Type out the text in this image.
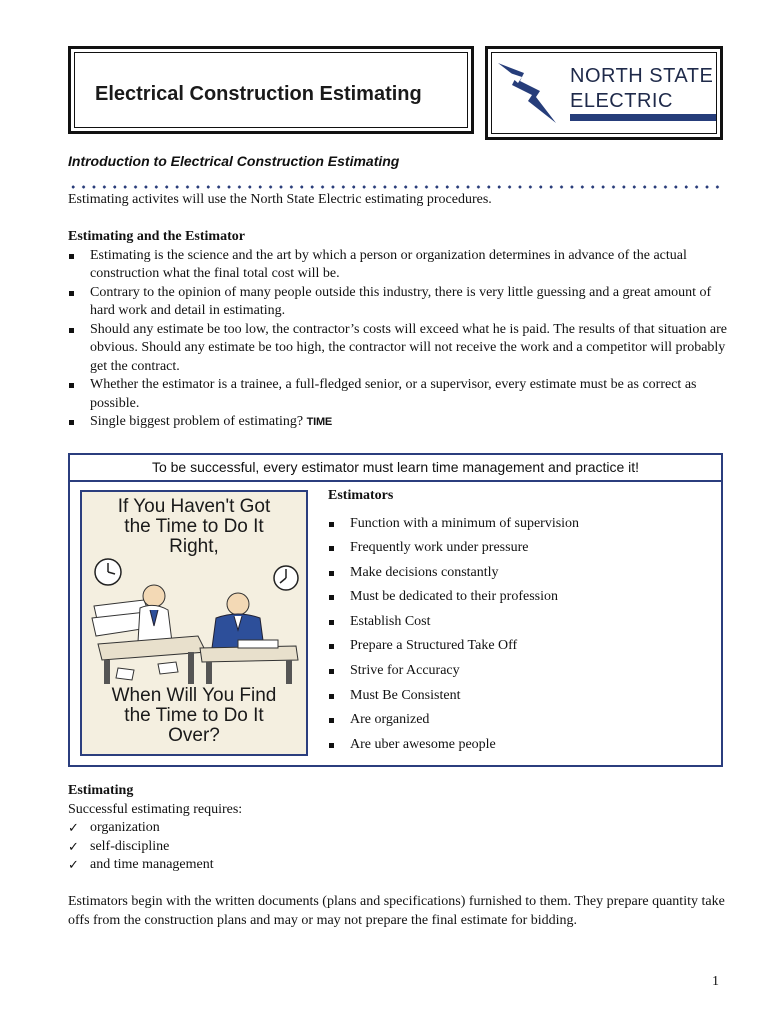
Electrical Construction Estimating
NORTH STATE
ELECTRIC
Introduction to Electrical Construction Estimating
Estimating activites will use the North State Electric estimating procedures.
Estimating and the Estimator
Estimating is the science and the art by which a person or organization determines in advance of the actual construction what the final total cost will be.
Contrary to the opinion of many people outside this industry, there is very little guessing and a great amount of hard work and detail in estimating.
Should any estimate be too low, the contractor’s costs will exceed what he is paid. The results of that situation are obvious. Should any estimate be too high, the contractor will not receive the work and a competitor will probably get the contract.
Whether the estimator is a trainee, a full-fledged senior, or a supervisor, every estimate must be as correct as possible.
Single biggest problem of estimating? TIME
To be successful, every estimator must learn time management and practice it!
If You Haven't Got
the Time to Do It
Right,
When Will You Find
the Time to Do It
Over?
Estimators
Function with a minimum of supervision
Frequently work under pressure
Make decisions constantly
Must be dedicated to their profession
Establish Cost
Prepare a Structured Take Off
Strive for Accuracy
Must Be Consistent
Are organized
Are uber awesome people
Estimating
Successful estimating requires:
✓ organization
✓ self-discipline
✓ and time management
Estimators begin with the written documents (plans and specifications) furnished to them. They prepare quantity take offs from the construction plans and may or may not prepare the final estimate for bidding.
1
